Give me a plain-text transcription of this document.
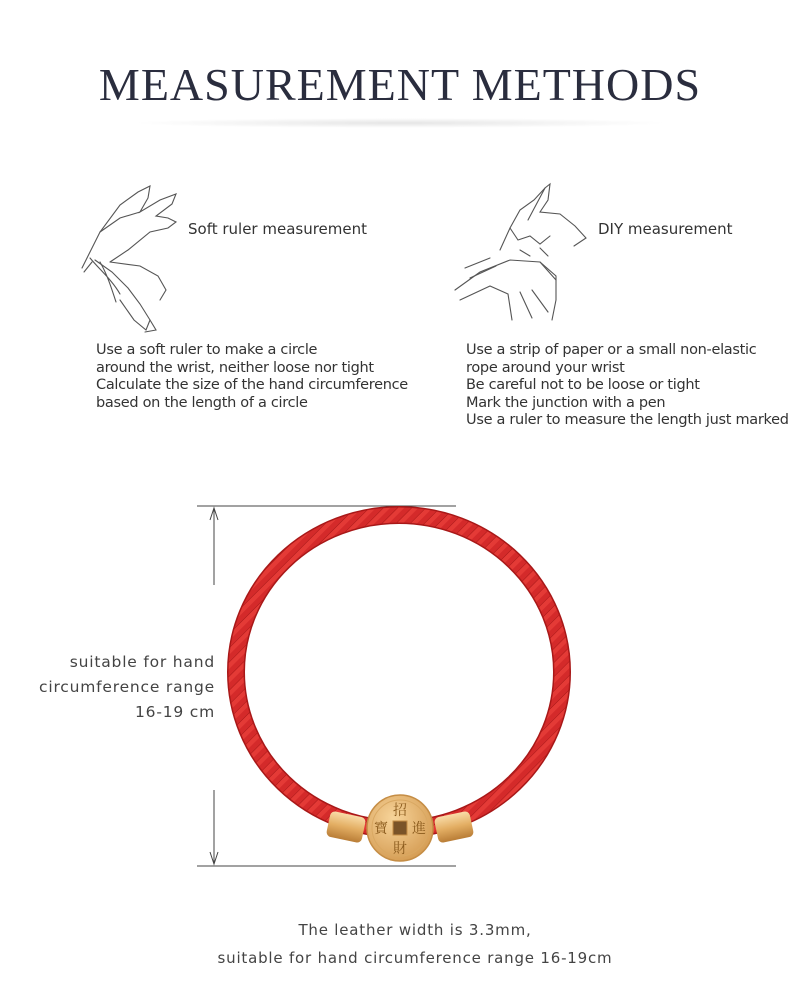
MEASUREMENT METHODS
Soft ruler measurement	DIY measurement
Use a soft ruler to make a circle
around the wrist, neither loose nor tight
Calculate the size of the hand circumference
based on the length of a circle
Use a strip of paper or a small non-elastic
rope around your wrist
Be careful not to be loose or tight
Mark the junction with a pen
Use a ruler to measure the length just marked
招
進
財
寶
suitable for hand
circumference range
16-19 cm
The leather width is 3.3mm,
suitable for hand circumference range 16-19cm
